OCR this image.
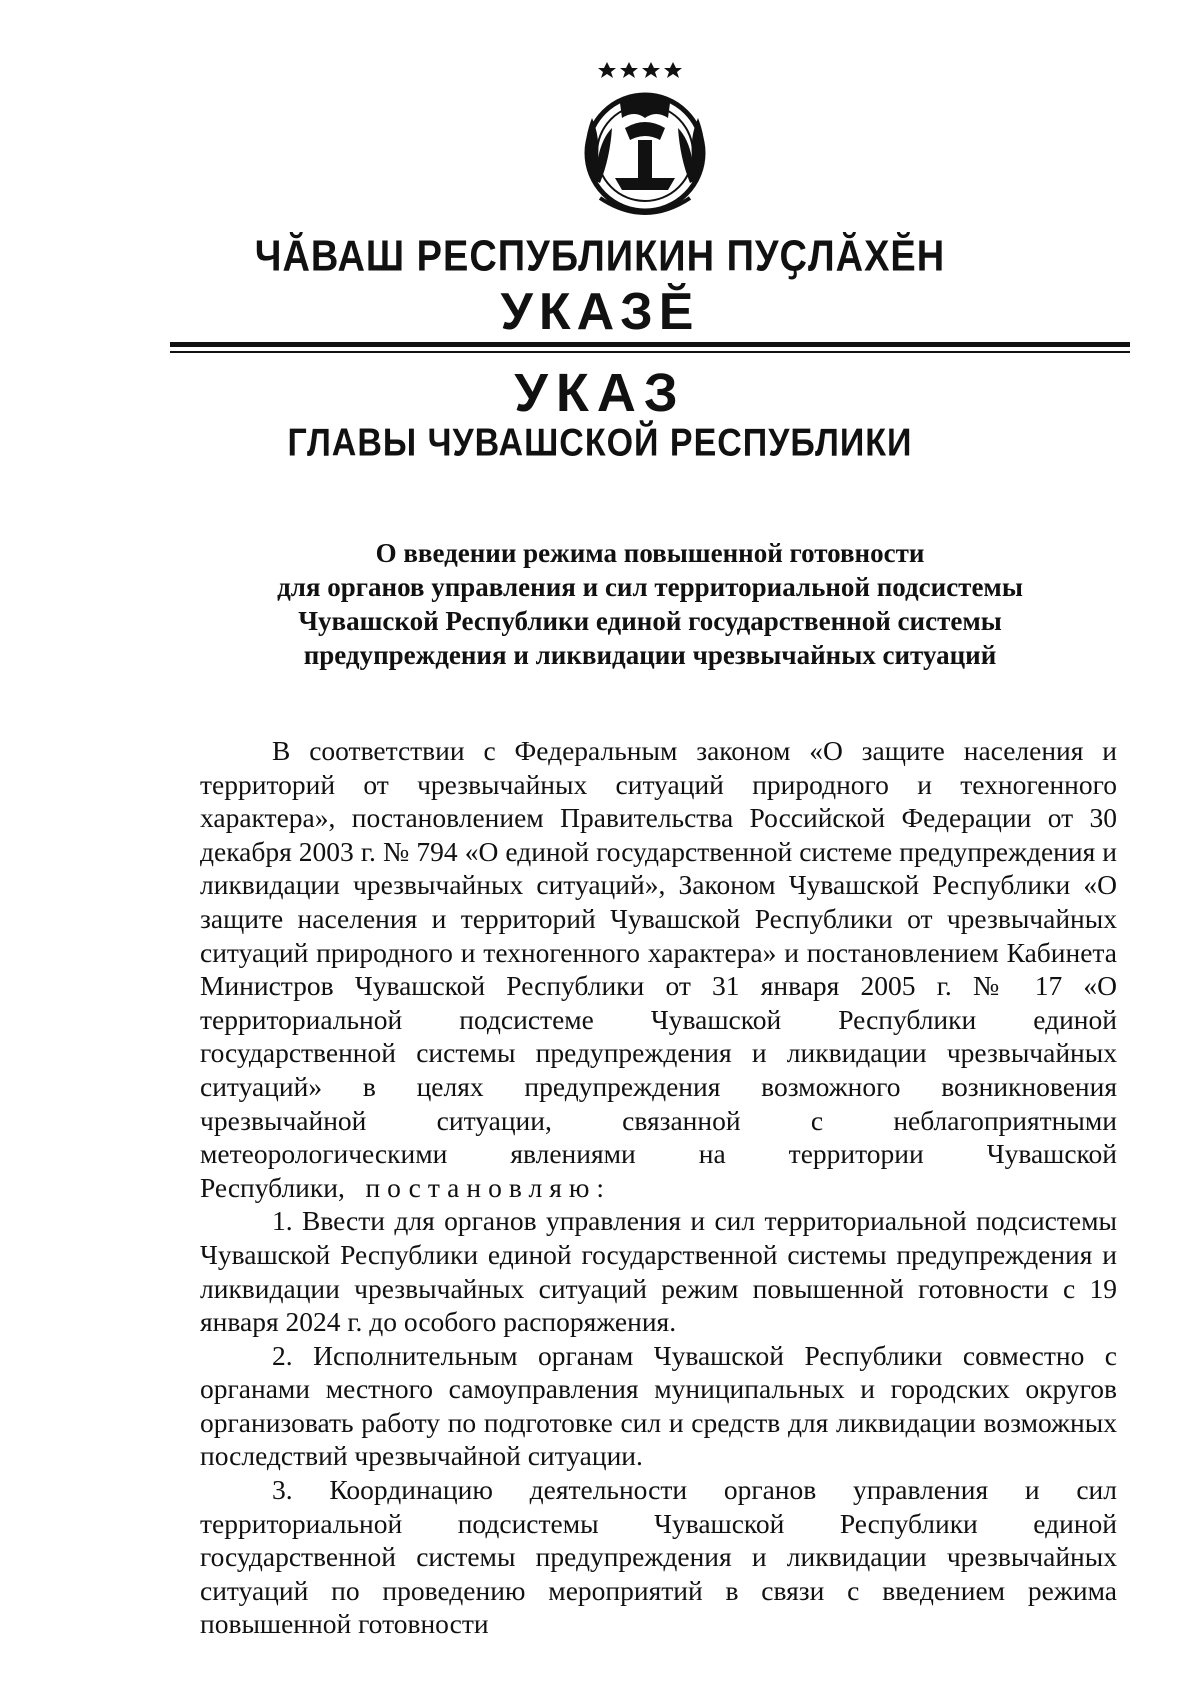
ЧӐВАШ РЕСПУБЛИКИН ПУҪЛӐХӖН
УКАЗӖ
УКАЗ
ГЛАВЫ ЧУВАШСКОЙ РЕСПУБЛИКИ
О введении режима повышенной готовности
для органов управления и сил территориальной подсистемы
Чувашской Республики единой государственной системы
предупреждения и ликвидации чрезвычайных ситуаций

В соответствии с Федеральным законом «О защите населения и территорий от чрезвычайных ситуаций природного и техногенного характера», постановлением Правительства Российской Федерации от 30 декабря 2003 г. № 794 «О единой государственной системе предупреждения и ликвидации чрезвычайных ситуаций», Законом Чувашской Республики «О защите населения и территорий Чувашской Республики от чрезвычайных ситуаций природного и техногенного характера» и постановлением Кабинета Министров Чувашской Республики от 31 января 2005 г. № 17 «О территориальной подсистеме Чувашской Республики единой государственной системы предупреждения и ликвидации чрезвычайных ситуаций» в целях предупреждения возможного возникновения чрезвычайной ситуации, связанной с неблагоприятными метеорологическими явлениями на территории Чувашской Республики, постановляю:

1. Ввести для органов управления и сил территориальной подсистемы Чувашской Республики единой государственной системы предупреждения и ликвидации чрезвычайных ситуаций режим повышенной готовности с 19 января 2024 г. до особого распоряжения.

2. Исполнительным органам Чувашской Республики совместно с органами местного самоуправления муниципальных и городских округов организовать работу по подготовке сил и средств для ликвидации возможных последствий чрезвычайной ситуации.

3. Координацию деятельности органов управления и сил территориальной подсистемы Чувашской Республики единой государственной системы предупреждения и ликвидации чрезвычайных ситуаций по проведению мероприятий в связи с введением режима повышенной готовности
